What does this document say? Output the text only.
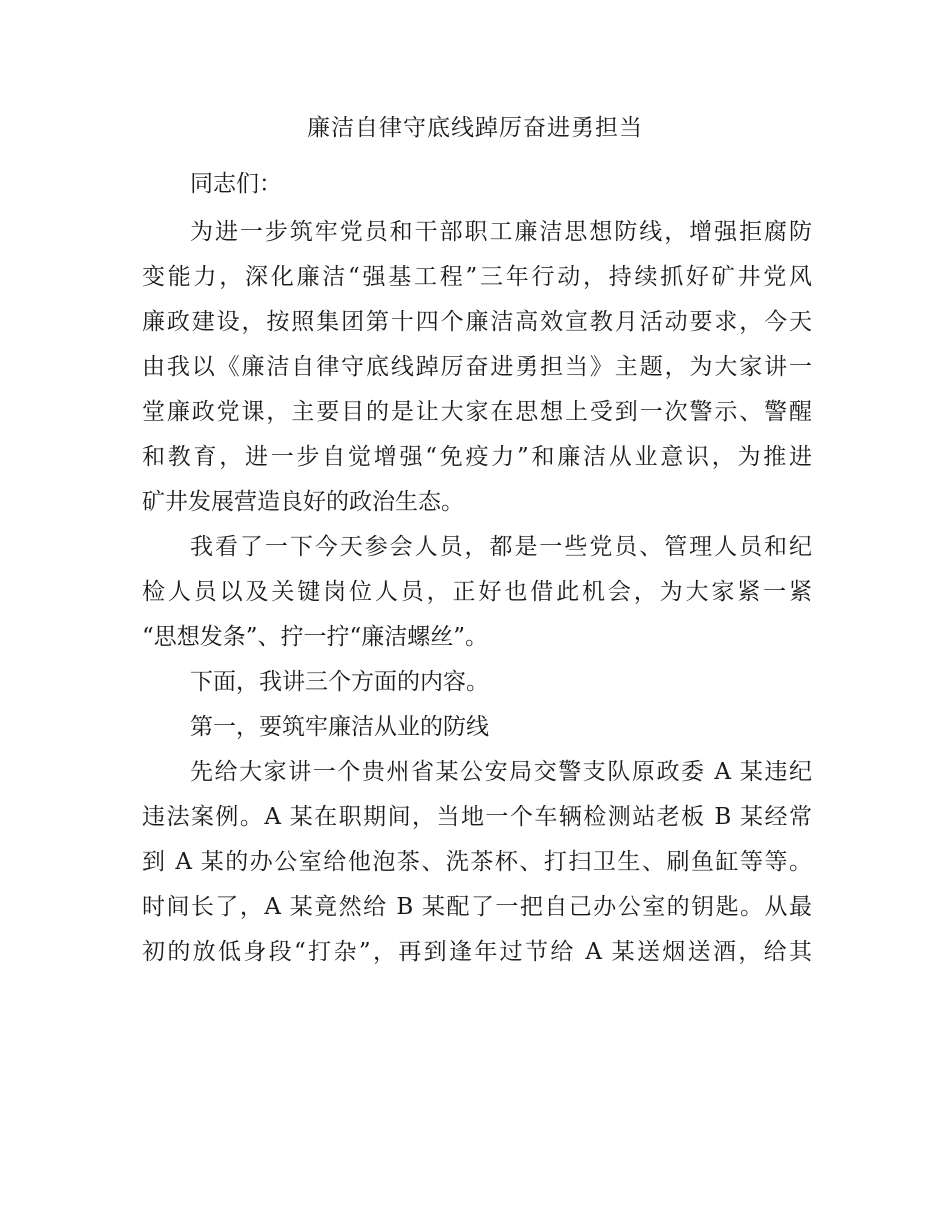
廉洁自律守底线踔厉奋进勇担当
同志们：
为进一步筑牢党员和干部职工廉洁思想防线，增强拒腐防
变能力，深化廉洁“强基工程”三年行动，持续抓好矿井党风
廉政建设，按照集团第十四个廉洁高效宣教月活动要求，今天
由我以《廉洁自律守底线踔厉奋进勇担当》主题，为大家讲一
堂廉政党课，主要目的是让大家在思想上受到一次警示、警醒
和教育，进一步自觉增强“免疫力”和廉洁从业意识，为推进
矿井发展营造良好的政治生态。
我看了一下今天参会人员，都是一些党员、管理人员和纪
检人员以及关键岗位人员，正好也借此机会，为大家紧一紧
“思想发条”、拧一拧“廉洁螺丝”。
下面，我讲三个方面的内容。
第一，要筑牢廉洁从业的防线
先给大家讲一个贵州省某公安局交警支队原政委 A 某违纪
违法案例。A 某在职期间，当地一个车辆检测站老板 B 某经常
到 A 某的办公室给他泡茶、洗茶杯、打扫卫生、刷鱼缸等等。
时间长了，A 某竟然给 B 某配了一把自己办公室的钥匙。从最
初的放低身段“打杂”，再到逢年过节给 A 某送烟送酒，给其
